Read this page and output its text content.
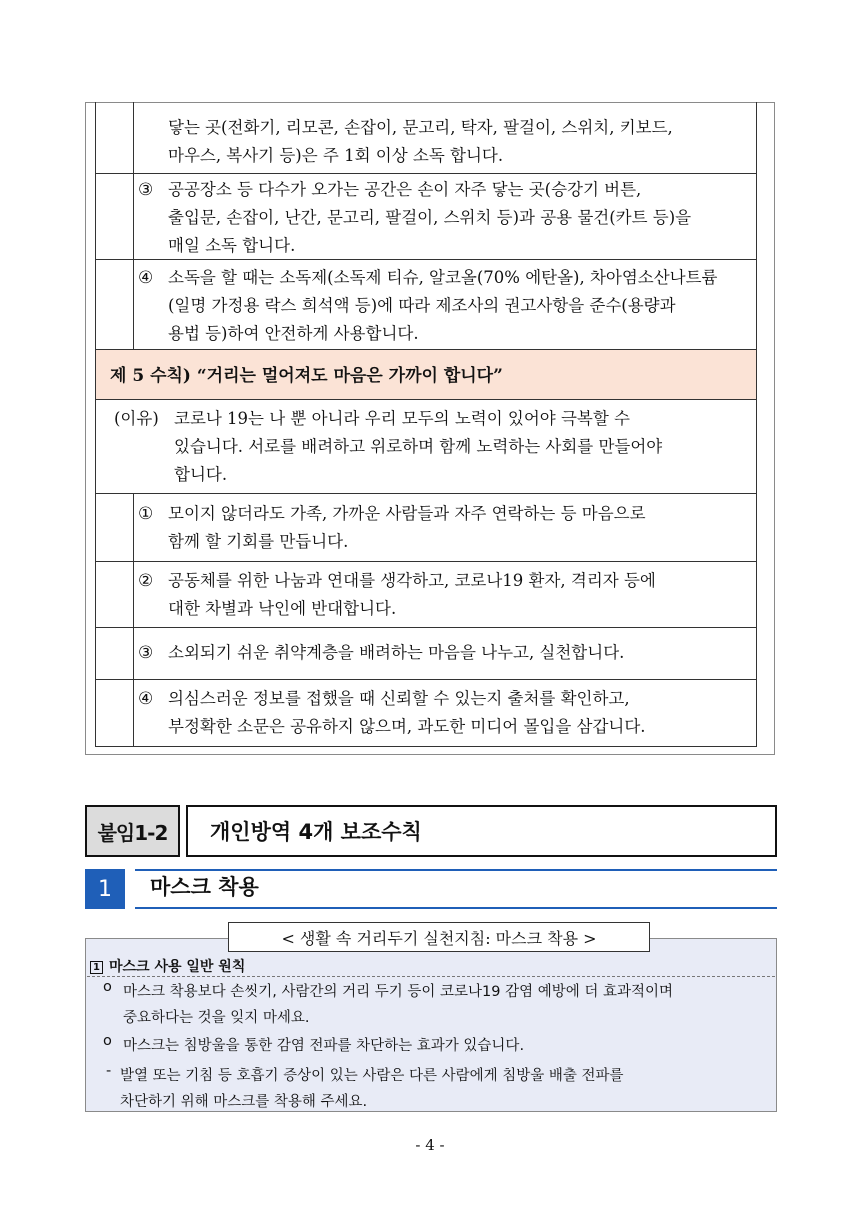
닿는 곳(전화기, 리모콘, 손잡이, 문고리, 탁자, 팔걸이, 스위치, 키보드,
마우스, 복사기 등)은 주 1회 이상 소독 합니다.
③ 공공장소 등 다수가 오가는 공간은 손이 자주 닿는 곳(승강기 버튼,
출입문, 손잡이, 난간, 문고리, 팔걸이, 스위치 등)과 공용 물건(카트 등)을
매일 소독 합니다.
④ 소독을 할 때는 소독제(소독제 티슈, 알코올(70% 에탄올), 차아염소산나트륨
(일명 가정용 락스 희석액 등)에 따라 제조사의 권고사항을 준수(용량과
용법 등)하여 안전하게 사용합니다.
제 5 수칙) “거리는 멀어져도 마음은 가까이 합니다”
(이유) 코로나 19는 나 뿐 아니라 우리 모두의 노력이 있어야 극복할 수
있습니다. 서로를 배려하고 위로하며 함께 노력하는 사회를 만들어야
합니다.
① 모이지 않더라도 가족, 가까운 사람들과 자주 연락하는 등 마음으로
함께 할 기회를 만듭니다.
② 공동체를 위한 나눔과 연대를 생각하고, 코로나19 환자, 격리자 등에
대한 차별과 낙인에 반대합니다.
③ 소외되기 쉬운 취약계층을 배려하는 마음을 나누고, 실천합니다.
④ 의심스러운 정보를 접했을 때 신뢰할 수 있는지 출처를 확인하고,
부정확한 소문은 공유하지 않으며, 과도한 미디어 몰입을 삼갑니다.
붙임1-2	개인방역 4개 보조수칙
1	마스크 착용
< 생활 속 거리두기 실천지침: 마스크 착용 >
1 마스크 사용 일반 원칙
o 마스크 착용보다 손씻기, 사람간의 거리 두기 등이 코로나19 감염 예방에 더 효과적이며
중요하다는 것을 잊지 마세요.
o 마스크는 침방울을 통한 감염 전파를 차단하는 효과가 있습니다.
- 발열 또는 기침 등 호흡기 증상이 있는 사람은 다른 사람에게 침방울 배출 전파를
차단하기 위해 마스크를 착용해 주세요.
- 4 -
